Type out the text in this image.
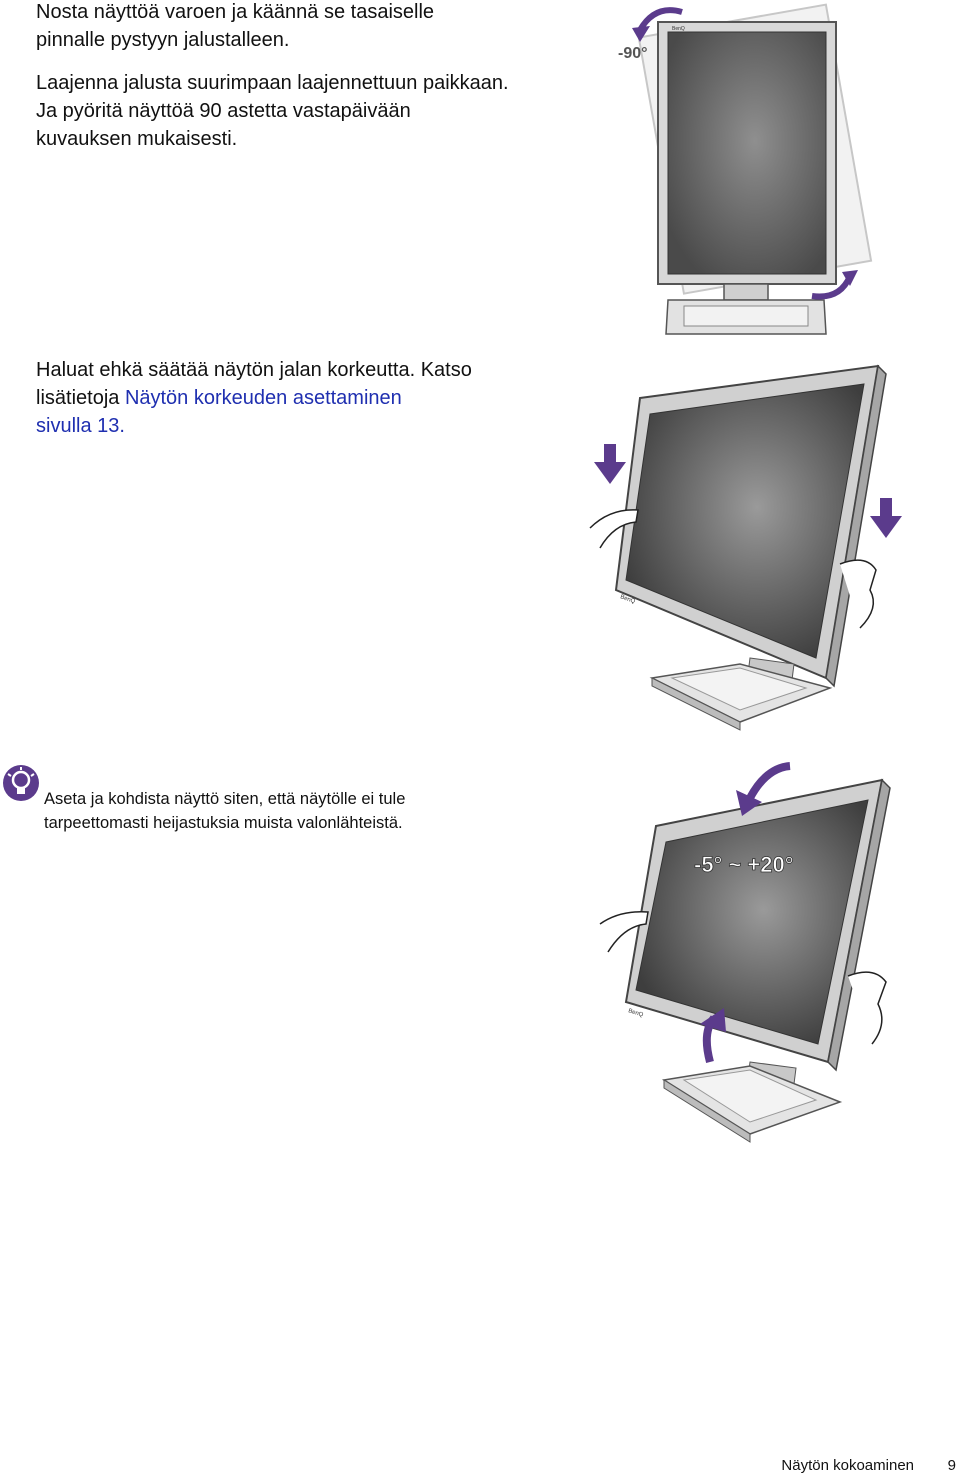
Nosta näyttöä varoen ja käännä se tasaiselle
pinnalle pystyyn jalustalleen.

Laajenna jalusta suurimpaan laajennettuun paikkaan.
Ja pyöritä näyttöä 90 astetta vastapäivään
kuvauksen mukaisesti.

Haluat ehkä säätää näytön jalan korkeutta. Katso
lisätietoja Näytön korkeuden asettaminen
sivulla 13.

BenQ
-90°
BenQ

Aseta ja kohdista näyttö siten, että näytölle ei tule
tarpeettomasti heijastuksia muista valonlähteistä.

BenQ
-5° ~ +20°
Näytön kokoaminen 9
